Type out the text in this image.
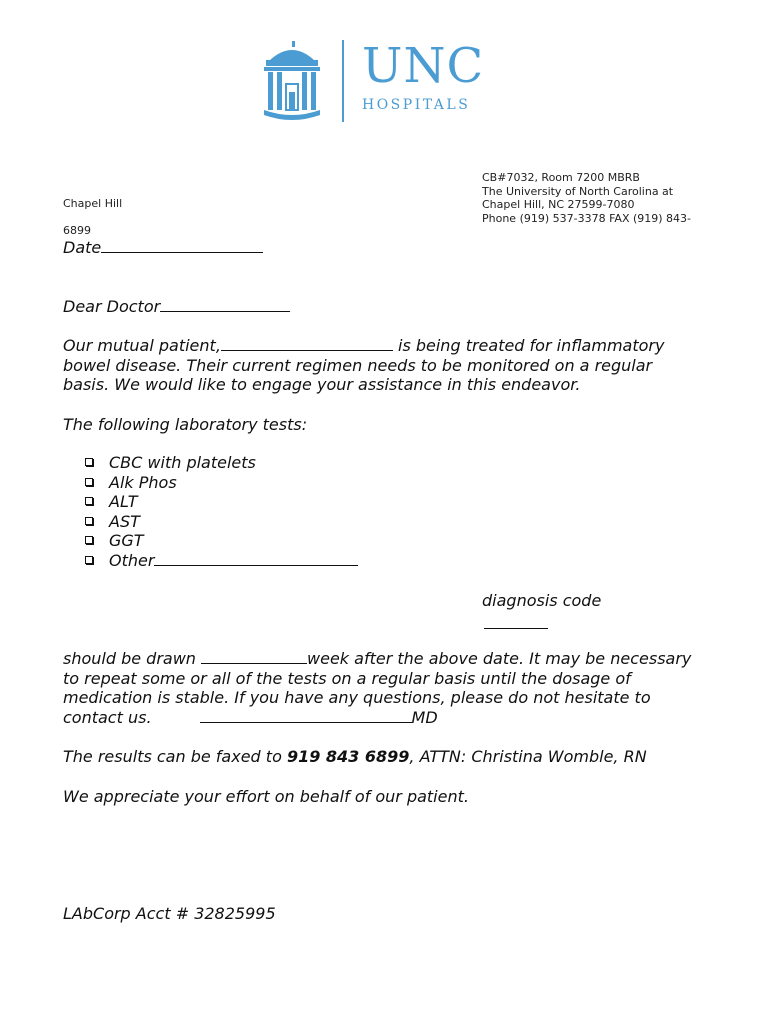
UNC
HOSPITALS
CB#7032, Room 7200 MBRB
The University of North Carolina at
Chapel Hill, NC 27599-7080
Phone (919) 537-3378 FAX (919) 843-
Chapel Hill
6899
Date
Dear Doctor
Our mutual patient,	is being treated for inflammatory
bowel disease. Their current regimen needs to be monitored on a regular
basis. We would like to engage your assistance in this endeavor.
The following laboratory tests:
CBC with platelets
Alk Phos
ALT
AST
GGT
Other
diagnosis code
should be drawn	week after the above date. It may be necessary
to repeat some or all of the tests on a regular basis until the dosage of
medication is stable. If you have any questions, please do not hesitate to
contact us.	MD
The results can be faxed to 919 843 6899, ATTN: Christina Womble, RN
We appreciate your effort on behalf of our patient.
LAbCorp Acct # 32825995
